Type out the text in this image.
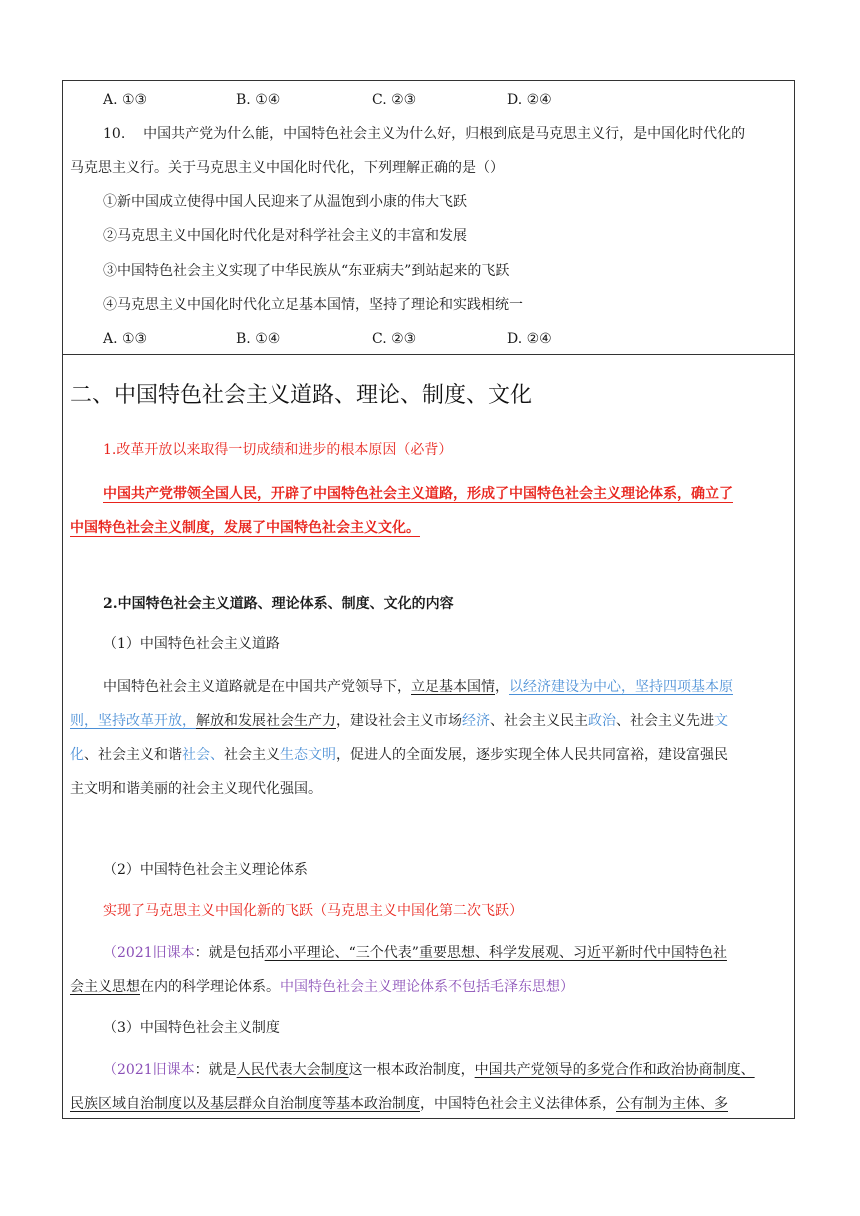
A. ①③	B. ①④	C. ②③	D. ②④
10. 中国共产党为什么能，中国特色社会主义为什么好，归根到底是马克思主义行，是中国化时代化的
马克思主义行。关于马克思主义中国化时代化，下列理解正确的是（）
①新中国成立使得中国人民迎来了从温饱到小康的伟大飞跃
②马克思主义中国化时代化是对科学社会主义的丰富和发展
③中国特色社会主义实现了中华民族从“东亚病夫”到站起来的飞跃
④马克思主义中国化时代化立足基本国情，坚持了理论和实践相统一
A. ①③	B. ①④	C. ②③	D. ②④
二、中国特色社会主义道路、理论、制度、文化
1.改革开放以来取得一切成绩和进步的根本原因（必背）
中国共产党带领全国人民，开辟了中国特色社会主义道路，形成了中国特色社会主义理论体系，确立了
中国特色社会主义制度，发展了中国特色社会主义文化。
2.中国特色社会主义道路、理论体系、制度、文化的内容
（1）中国特色社会主义道路
中国特色社会主义道路就是在中国共产党领导下，立足基本国情，以经济建设为中心，坚持四项基本原
则，坚持改革开放，解放和发展社会生产力，建设社会主义市场经济、社会主义民主政治、社会主义先进文
化、社会主义和谐社会、社会主义生态文明，促进人的全面发展，逐步实现全体人民共同富裕，建设富强民
主文明和谐美丽的社会主义现代化强国。
（2）中国特色社会主义理论体系
实现了马克思主义中国化新的飞跃（马克思主义中国化第二次飞跃）
（2021旧课本：就是包括邓小平理论、“三个代表”重要思想、科学发展观、习近平新时代中国特色社
会主义思想在内的科学理论体系。中国特色社会主义理论体系不包括毛泽东思想）
（3）中国特色社会主义制度
（2021旧课本：就是人民代表大会制度这一根本政治制度，中国共产党领导的多党合作和政治协商制度、
民族区域自治制度以及基层群众自治制度等基本政治制度，中国特色社会主义法律体系，公有制为主体、多
